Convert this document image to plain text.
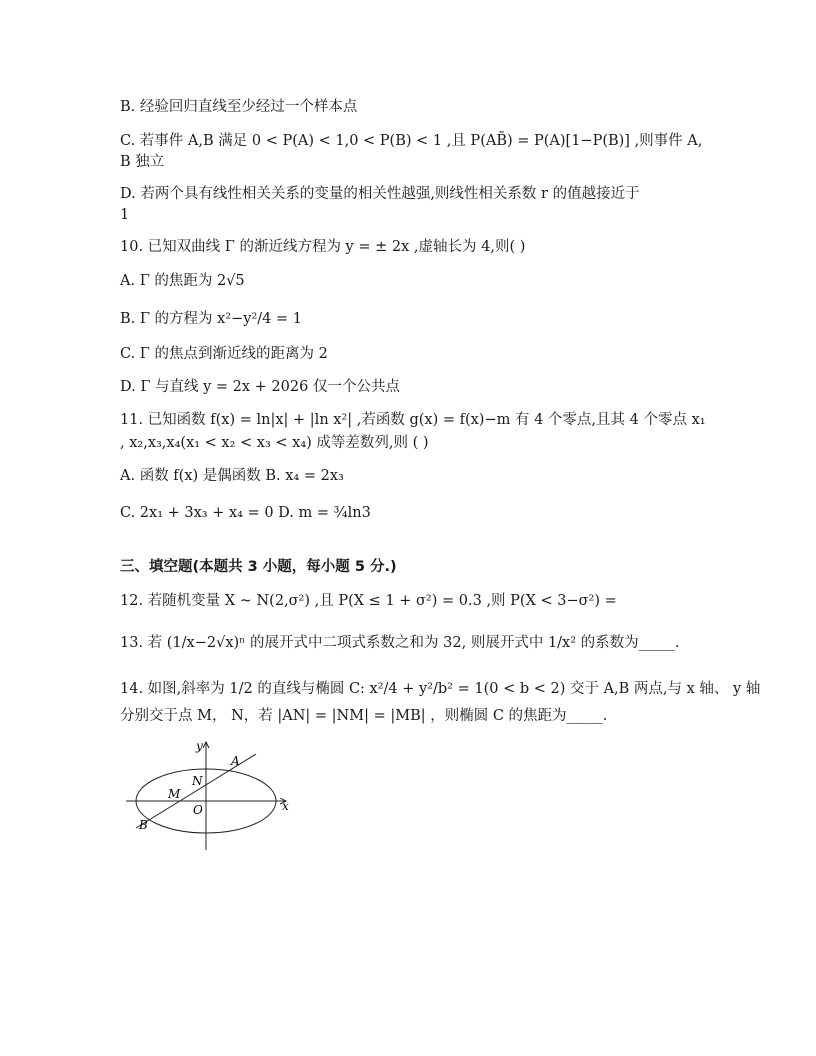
B. 经验回归直线至少经过一个样本点
C. 若事件 A,B 满足 0 < P(A) < 1,0 < P(B) < 1 ,且 P(AB̄) = P(A)[1−P(B)] ,则事件 A,
B 独立
D. 若两个具有线性相关关系的变量的相关性越强,则线性相关系数 r 的值越接近于
1
10. 已知双曲线 Γ 的渐近线方程为 y = ± 2x ,虚轴长为 4,则( )
A. Γ 的焦距为 2√5
B. Γ 的方程为 x²−y²/4 = 1
C. Γ 的焦点到渐近线的距离为 2
D. Γ 与直线 y = 2x + 2026 仅一个公共点
11. 已知函数 f(x) = ln|x| + |ln x²| ,若函数 g(x) = f(x)−m 有 4 个零点,且其 4 个零点 x₁
, x₂,x₃,x₄(x₁ < x₂ < x₃ < x₄) 成等差数列,则 ( )
A. 函数 f(x) 是偶函数 B. x₄ = 2x₃
C. 2x₁ + 3x₃ + x₄ = 0 D. m = ¾ln3
三、填空题(本题共 3 小题，每小题 5 分.)
12. 若随机变量 X ~ N(2,σ²) ,且 P(X ≤ 1 + σ²) = 0.3 ,则 P(X < 3−σ²) =
13. 若 (1/x−2√x)ⁿ 的展开式中二项式系数之和为 32, 则展开式中 1/x² 的系数为_____.
14. 如图,斜率为 1/2 的直线与椭圆 C: x²/4 + y²/b² = 1(0 < b < 2) 交于 A,B 两点,与 x 轴、 y 轴
分别交于点 M， N，若 |AN| = |NM| = |MB| ，则椭圆 C 的焦距为_____.
y
x
A
N
M
O
B
